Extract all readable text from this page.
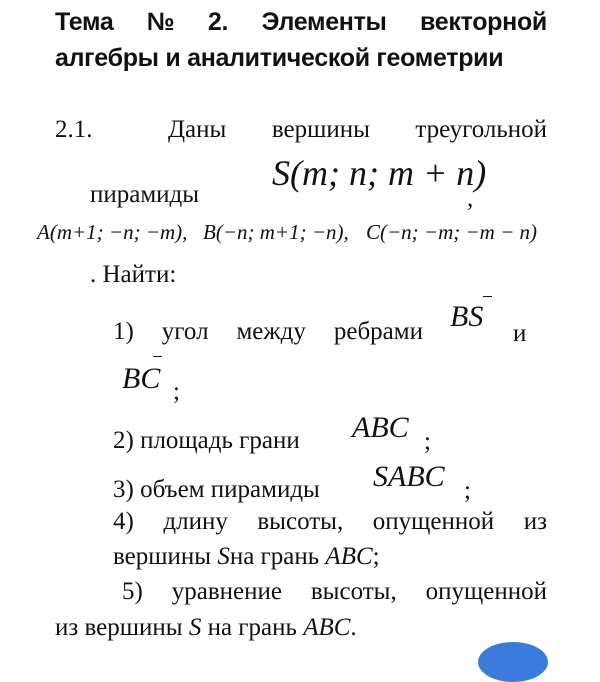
Тема № 2. Элементы векторной
алгебры и аналитической геометрии
2.1.	Даны вершины треугольной
пирамиды
S(m; n; m + n)
,
A(m+1; −n; −m), B(−n; m+1; −n), C(−n; −m; −m − n)
. Найти:
1) угол между ребрами BS
и
BC ;
2) площадь грани ABC ;
3) объем пирамиды SABC ;
4) длину высоты, опущенной из
вершины Sна грань ABC;
5) уравнение высоты, опущенной
из вершины S на грань ABC.
